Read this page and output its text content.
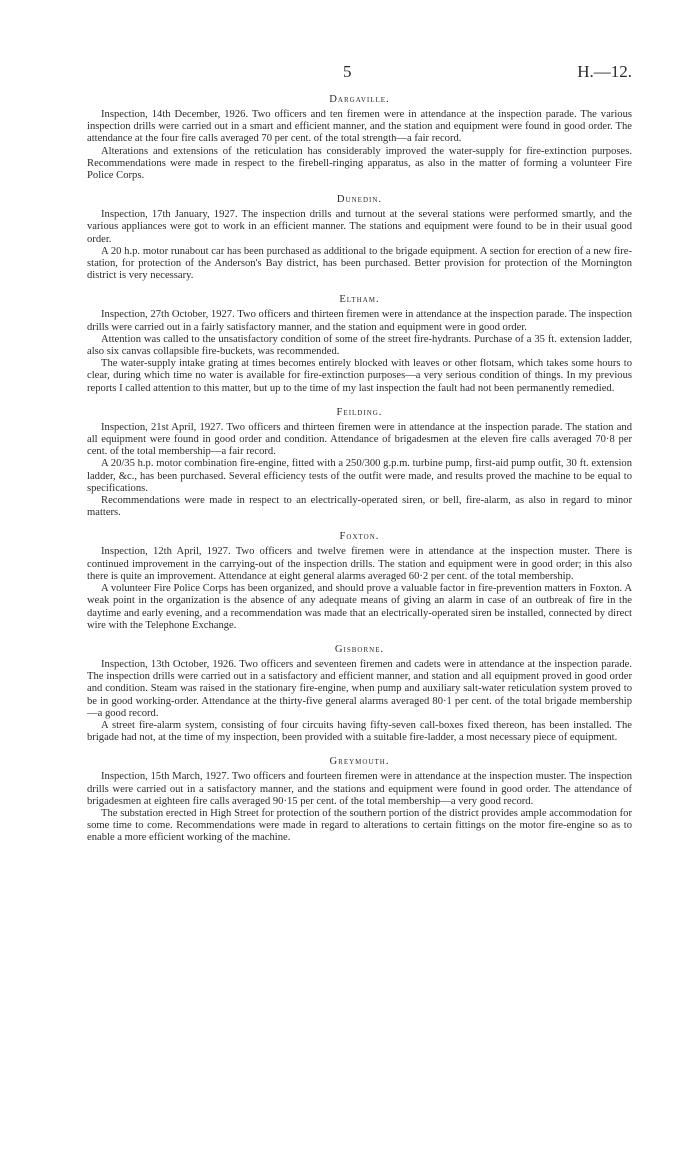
5	H.—12.
Dargaville.

Inspection, 14th December, 1926. Two officers and ten firemen were in attendance at the inspection parade. The various inspection drills were carried out in a smart and efficient manner, and the station and equipment were found in good order. The attendance at the four fire calls averaged 70 per cent. of the total strength—a fair record.

Alterations and extensions of the reticulation has considerably improved the water-supply for fire-extinction purposes. Recommendations were made in respect to the firebell-ringing apparatus, as also in the matter of forming a volunteer Fire Police Corps.

Dunedin.

Inspection, 17th January, 1927. The inspection drills and turnout at the several stations were performed smartly, and the various appliances were got to work in an efficient manner. The stations and equipment were found to be in their usual good order.

A 20 h.p. motor runabout car has been purchased as additional to the brigade equipment. A section for erection of a new fire-station, for protection of the Anderson's Bay district, has been purchased. Better provision for protection of the Mornington district is very necessary.

Eltham.

Inspection, 27th October, 1927. Two officers and thirteen firemen were in attendance at the inspection parade. The inspection drills were carried out in a fairly satisfactory manner, and the station and equipment were in good order.

Attention was called to the unsatisfactory condition of some of the street fire-hydrants. Purchase of a 35 ft. extension ladder, also six canvas collapsible fire-buckets, was recommended.

The water-supply intake grating at times becomes entirely blocked with leaves or other flotsam, which takes some hours to clear, during which time no water is available for fire-extinction purposes—a very serious condition of things. In my previous reports I called attention to this matter, but up to the time of my last inspection the fault had not been permanently remedied.

Feilding.

Inspection, 21st April, 1927. Two officers and thirteen firemen were in attendance at the inspection parade. The station and all equipment were found in good order and condition. Attendance of brigadesmen at the eleven fire calls averaged 70·8 per cent. of the total membership—a fair record.

A 20/35 h.p. motor combination fire-engine, fitted with a 250/300 g.p.m. turbine pump, first-aid pump outfit, 30 ft. extension ladder, &c., has been purchased. Several efficiency tests of the outfit were made, and results proved the machine to be equal to specifications.

Recommendations were made in respect to an electrically-operated siren, or bell, fire-alarm, as also in regard to minor matters.

Foxton.

Inspection, 12th April, 1927. Two officers and twelve firemen were in attendance at the inspection muster. There is continued improvement in the carrying-out of the inspection drills. The station and equipment were in good order; in this also there is quite an improvement. Attendance at eight general alarms averaged 60·2 per cent. of the total membership.

A volunteer Fire Police Corps has been organized, and should prove a valuable factor in fire-prevention matters in Foxton. A weak point in the organization is the absence of any adequate means of giving an alarm in case of an outbreak of fire in the daytime and early evening, and a recommendation was made that an electrically-operated siren be installed, connected by direct wire with the Telephone Exchange.

Gisborne.

Inspection, 13th October, 1926. Two officers and seventeen firemen and cadets were in attendance at the inspection parade. The inspection drills were carried out in a satisfactory and efficient manner, and station and all equipment proved in good order and condition. Steam was raised in the stationary fire-engine, when pump and auxiliary salt-water reticulation system proved to be in good working-order. Attendance at the thirty-five general alarms averaged 80·1 per cent. of the total brigade membership—a good record.

A street fire-alarm system, consisting of four circuits having fifty-seven call-boxes fixed thereon, has been installed. The brigade had not, at the time of my inspection, been provided with a suitable fire-ladder, a most necessary piece of equipment.

Greymouth.

Inspection, 15th March, 1927. Two officers and fourteen firemen were in attendance at the inspection muster. The inspection drills were carried out in a satisfactory manner, and the stations and equipment were found in good order. The attendance of brigadesmen at eighteen fire calls averaged 90·15 per cent. of the total membership—a very good record.

The substation erected in High Street for protection of the southern portion of the district provides ample accommodation for some time to come. Recommendations were made in regard to alterations to certain fittings on the motor fire-engine so as to enable a more efficient working of the machine.
